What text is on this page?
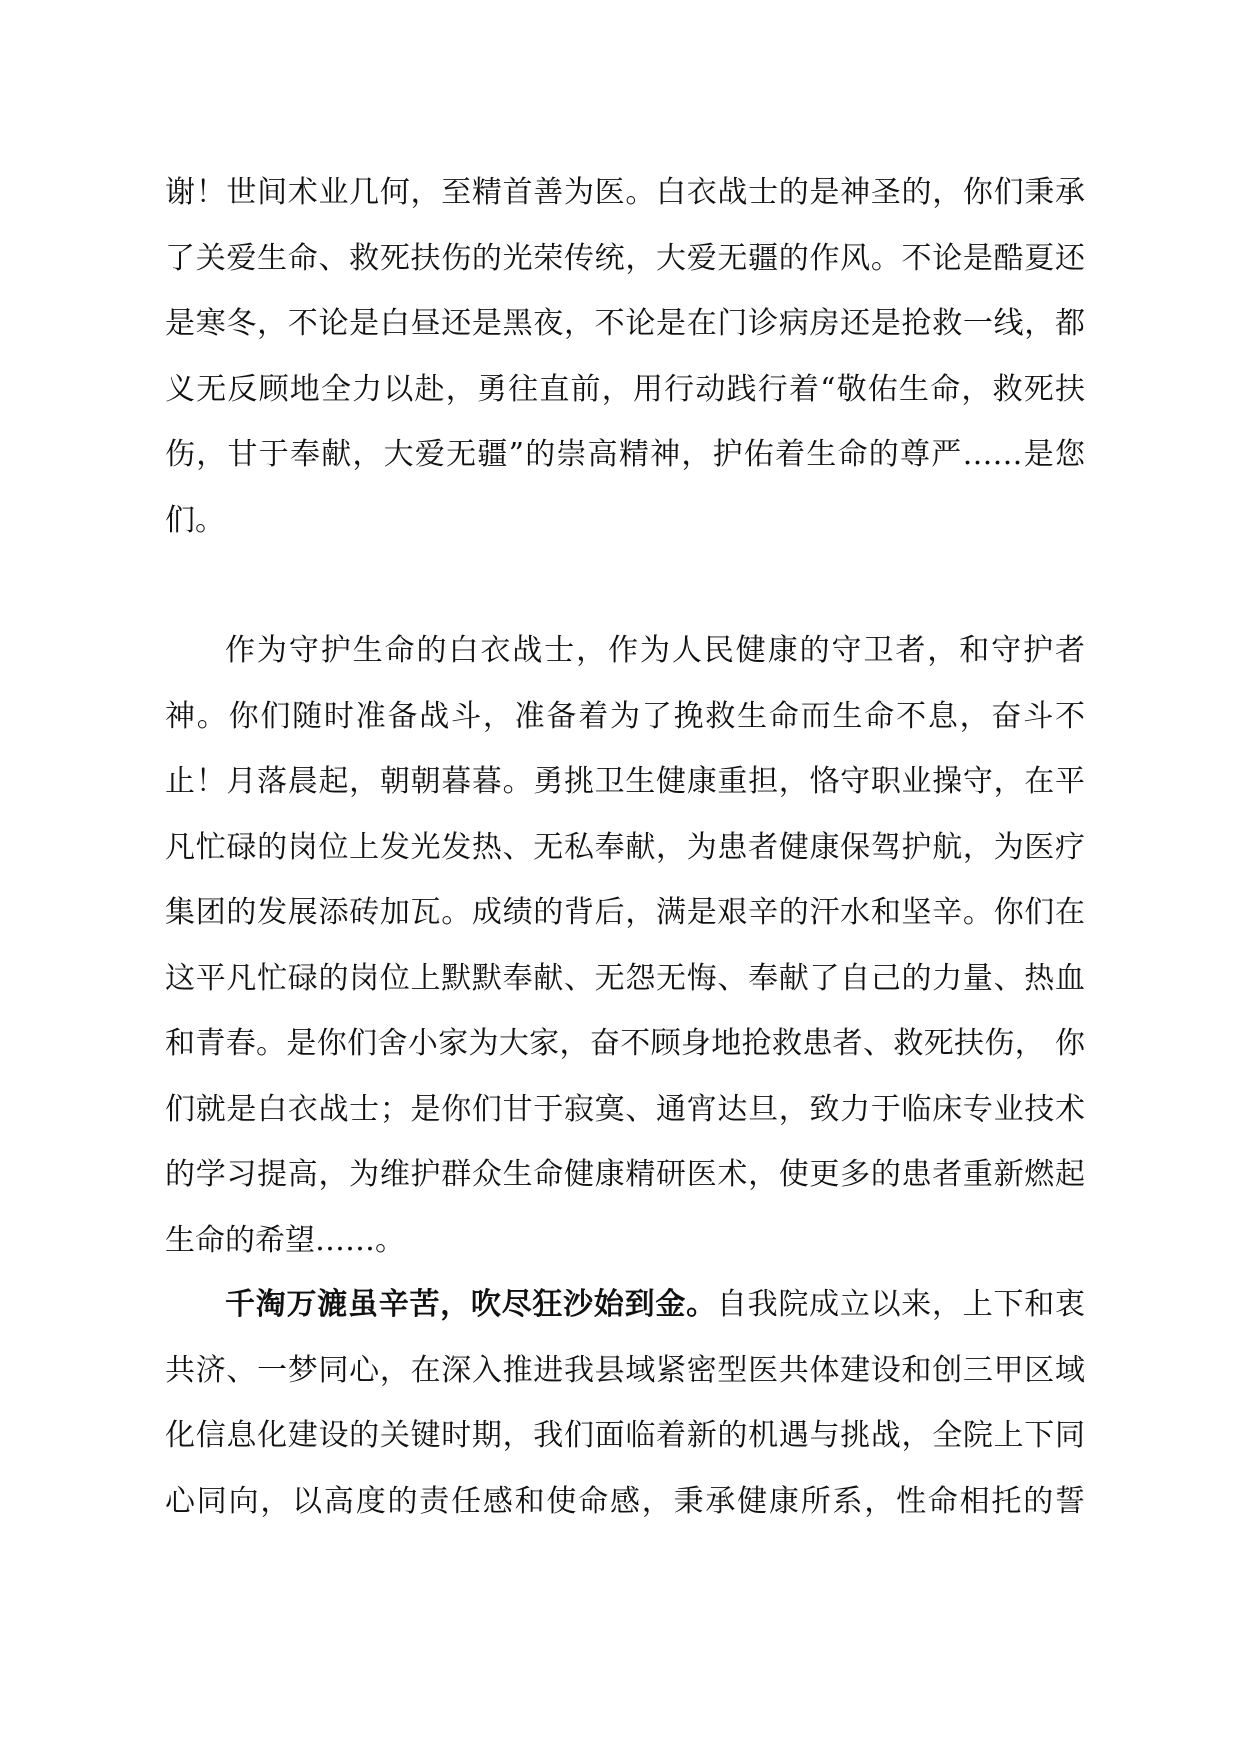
谢！世间术业几何，至精首善为医。白衣战士的是神圣的，你们秉承
了关爱生命、救死扶伤的光荣传统，大爱无疆的作风。不论是酷夏还
是寒冬，不论是白昼还是黑夜，不论是在门诊病房还是抢救一线，都
义无反顾地全力以赴，勇往直前，用行动践行着“敬佑生命，救死扶
伤，甘于奉献，大爱无疆”的崇高精神，护佑着生命的尊严……是您
们。
作为守护生命的白衣战士，作为人民健康的守卫者，和守护者
神。你们随时准备战斗，准备着为了挽救生命而生命不息，奋斗不
止！月落晨起，朝朝暮暮。勇挑卫生健康重担，恪守职业操守，在平
凡忙碌的岗位上发光发热、无私奉献，为患者健康保驾护航，为医疗
集团的发展添砖加瓦。成绩的背后，满是艰辛的汗水和坚辛。你们在
这平凡忙碌的岗位上默默奉献、无怨无悔、奉献了自己的力量、热血
和青春。是你们舍小家为大家，奋不顾身地抢救患者、救死扶伤， 你
们就是白衣战士；是你们甘于寂寞、通宵达旦，致力于临床专业技术
的学习提高，为维护群众生命健康精研医术，使更多的患者重新燃起
生命的希望……。
千淘万漉虽辛苦，吹尽狂沙始到金。自我院成立以来，上下和衷
共济、一梦同心，在深入推进我县域紧密型医共体建设和创三甲区域
化信息化建设的关键时期，我们面临着新的机遇与挑战，全院上下同
心同向，以高度的责任感和使命感，秉承健康所系，性命相托的誓
